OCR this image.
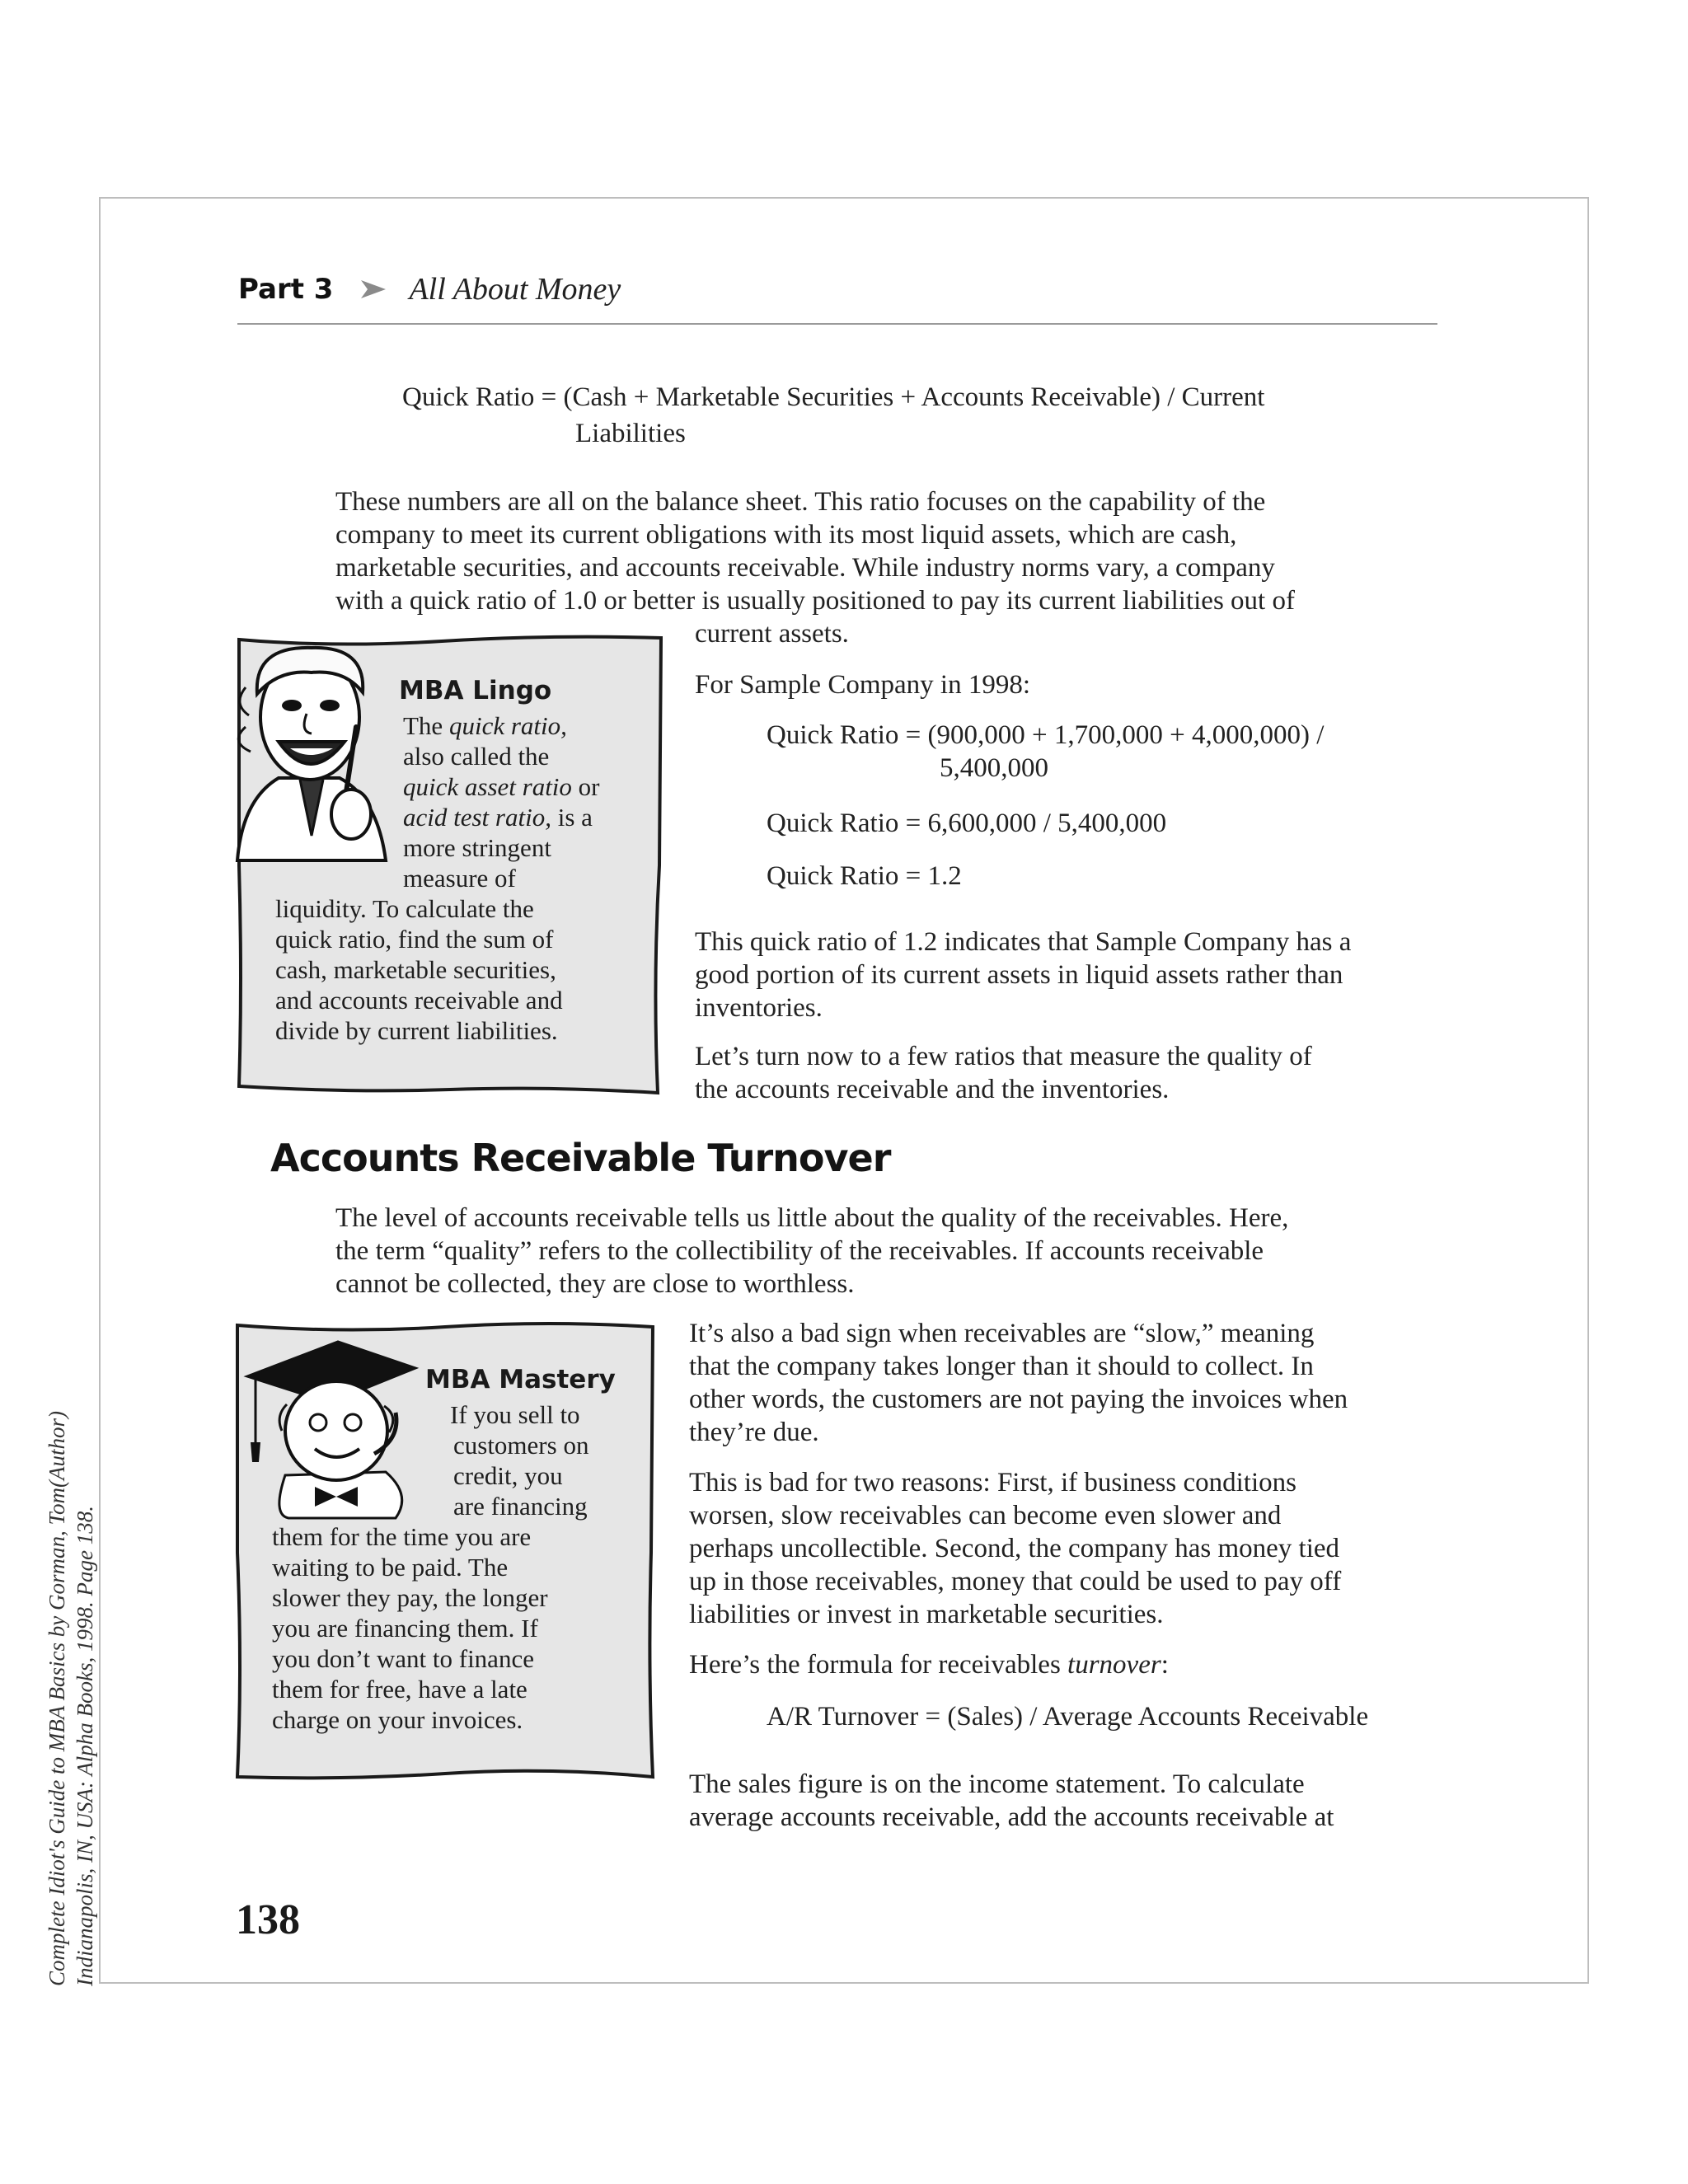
Complete Idiot's Guide to MBA Basics by Gorman, Tom(Author) Indianapolis, IN, USA: Alpha Books, 1998. Page 138.
Part 3 All About Money

Quick Ratio = (Cash + Marketable Securities + Accounts Receivable) / Current

Liabilities

These numbers are all on the balance sheet. This ratio focuses on the capability of the

company to meet its current obligations with its most liquid assets, which are cash,

marketable securities, and accounts receivable. While industry norms vary, a company

with a quick ratio of 1.0 or better is usually positioned to pay its current liabilities out of

current assets.

MBA Lingo
The quick ratio,
also called the
quick asset ratio or
acid test ratio, is a
more stringent
measure of
liquidity. To calculate the
quick ratio, find the sum of
cash, marketable securities,
and accounts receivable and
divide by current liabilities.
For Sample Company in 1998:

Quick Ratio = (900,000 + 1,700,000 + 4,000,000) /

5,400,000

Quick Ratio = 6,600,000 / 5,400,000
Quick Ratio = 1.2

This quick ratio of 1.2 indicates that Sample Company has a

good portion of its current assets in liquid assets rather than

inventories.

Let’s turn now to a few ratios that measure the quality of

the accounts receivable and the inventories.

Accounts Receivable Turnover

The level of accounts receivable tells us little about the quality of the receivables. Here,

the term “quality” refers to the collectibility of the receivables. If accounts receivable

cannot be collected, they are close to worthless.

MBA Mastery
If you sell to
customers on
credit, you
are financing
them for the time you are
waiting to be paid. The
slower they pay, the longer
you are financing them. If
you don’t want to finance
them for free, have a late
charge on your invoices.

It’s also a bad sign when receivables are “slow,” meaning

that the company takes longer than it should to collect. In

other words, the customers are not paying the invoices when

they’re due.

This is bad for two reasons: First, if business conditions

worsen, slow receivables can become even slower and

perhaps uncollectible. Second, the company has money tied

up in those receivables, money that could be used to pay off

liabilities or invest in marketable securities.

Here’s the formula for receivables turnover:
A/R Turnover = (Sales) / Average Accounts Receivable

The sales figure is on the income statement. To calculate

average accounts receivable, add the accounts receivable at

138
